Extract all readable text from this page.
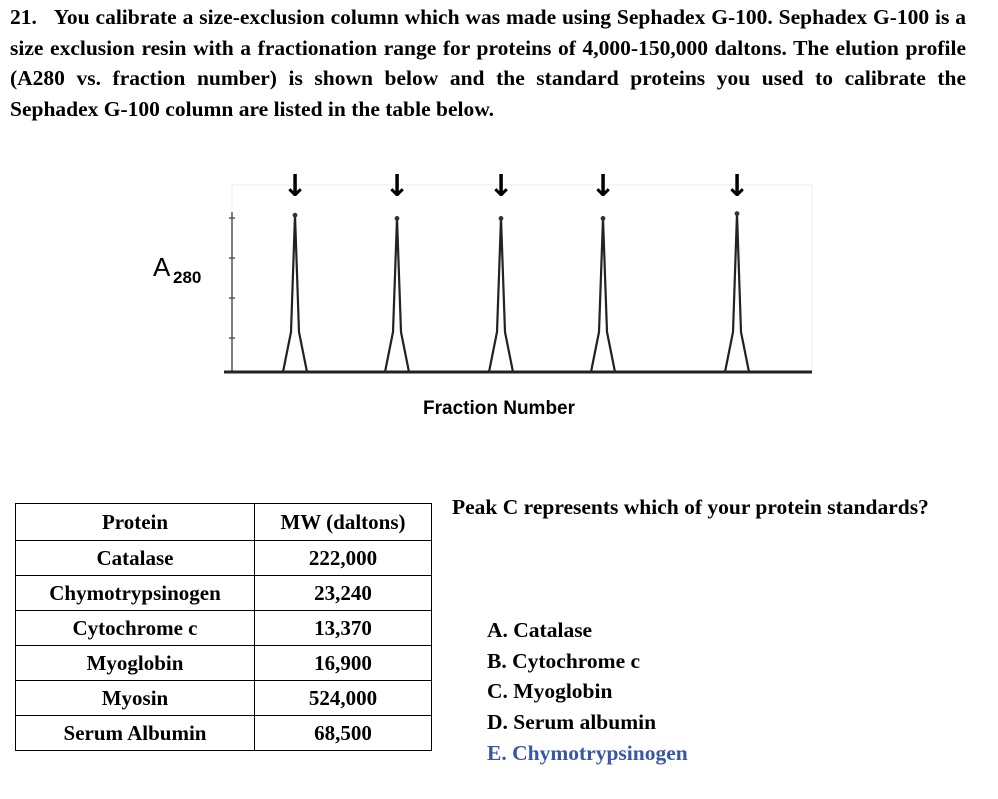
21. You calibrate a size-exclusion column which was made using Sephadex G-100. Sephadex G-100 is a size exclusion resin with a fractionation range for proteins of 4,000-150,000 daltons. The elution profile (A280 vs. fraction number) is shown below and the standard proteins you used to calibrate the Sephadex G-100 column are listed in the table below.
↓	↓	↓	↓	↓
A 280
Fraction Number
Protein	MW (daltons)
Catalase	222,000
Chymotrypsinogen	23,240
Cytochrome c	13,370
Myoglobin	16,900
Myosin	524,000
Serum Albumin	68,500
Peak C represents which of your protein standards?
A. Catalase
B. Cytochrome c
C. Myoglobin
D. Serum albumin
E. Chymotrypsinogen
